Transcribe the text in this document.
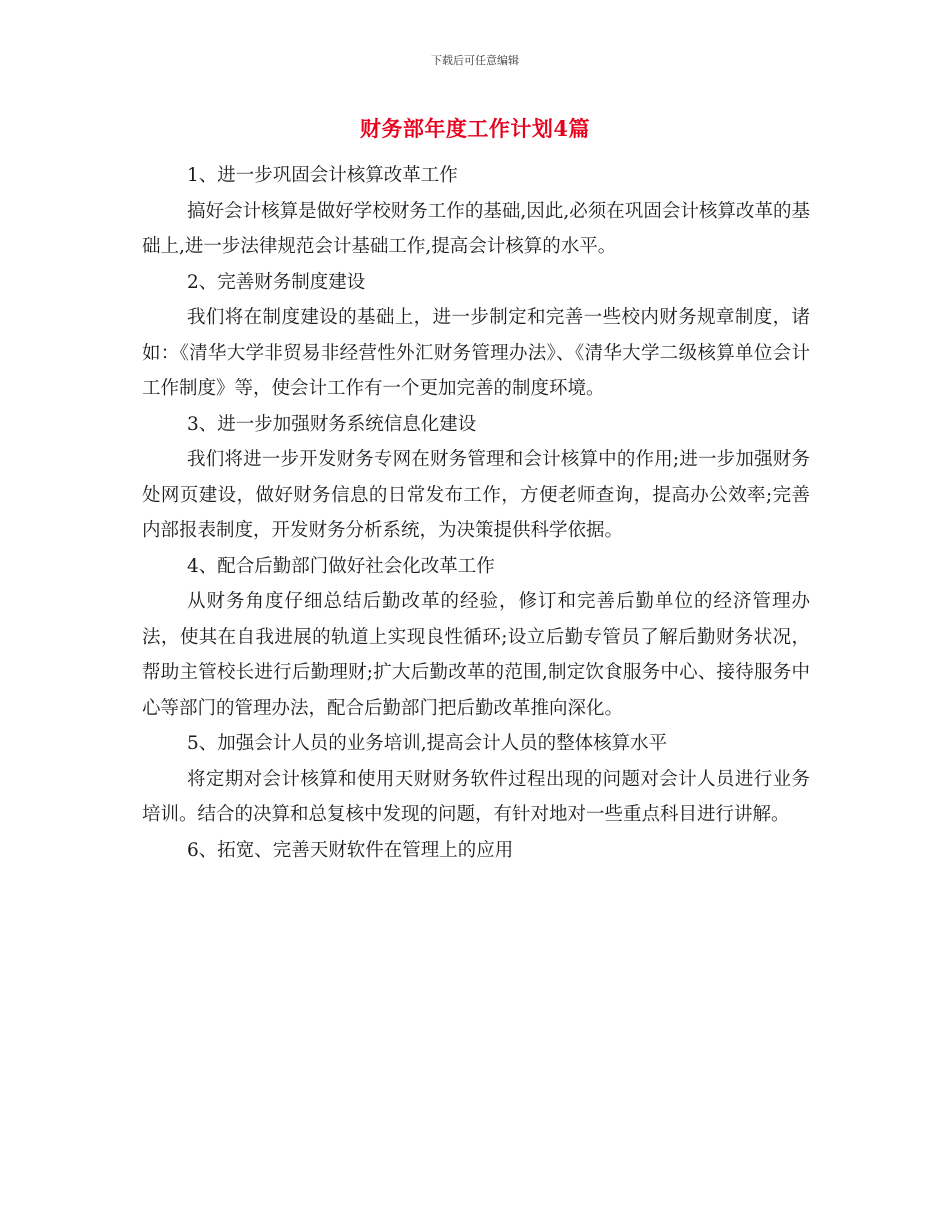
下载后可任意编辑
财务部年度工作计划4篇

1、进一步巩固会计核算改革工作

搞好会计核算是做好学校财务工作的基础,因此,必须在巩固会计核算改革的基础上,进一步法律规范会计基础工作,提高会计核算的水平。

2、完善财务制度建设

我们将在制度建设的基础上，进一步制定和完善一些校内财务规章制度，诸如：《清华大学非贸易非经营性外汇财务管理办法》、《清华大学二级核算单位会计工作制度》等，使会计工作有一个更加完善的制度环境。

3、进一步加强财务系统信息化建设

我们将进一步开发财务专网在财务管理和会计核算中的作用;进一步加强财务处网页建设，做好财务信息的日常发布工作，方便老师查询，提高办公效率;完善内部报表制度，开发财务分析系统，为决策提供科学依据。

4、配合后勤部门做好社会化改革工作

从财务角度仔细总结后勤改革的经验，修订和完善后勤单位的经济管理办法，使其在自我进展的轨道上实现良性循环;设立后勤专管员了解后勤财务状况，帮助主管校长进行后勤理财;扩大后勤改革的范围,制定饮食服务中心、接待服务中心等部门的管理办法，配合后勤部门把后勤改革推向深化。

5、加强会计人员的业务培训,提高会计人员的整体核算水平

将定期对会计核算和使用天财财务软件过程出现的问题对会计人员进行业务培训。结合的决算和总复核中发现的问题，有针对地对一些重点科目进行讲解。

6、拓宽、完善天财软件在管理上的应用
